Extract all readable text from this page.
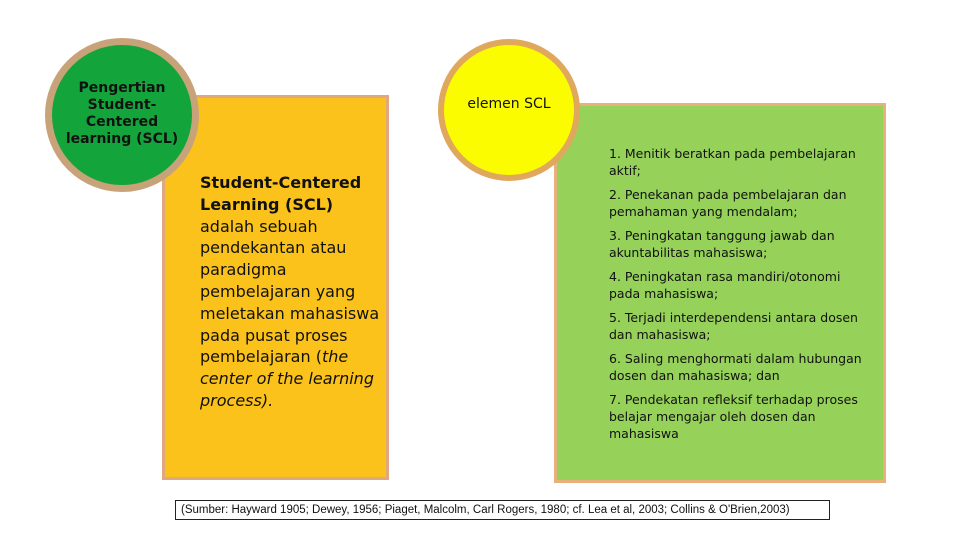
Pengertian Student-Centered learning (SCL)
elemen SCL

Student-Centered Learning (SCL) adalah sebuah pendekantan atau paradigma pembelajaran yang meletakan mahasiswa pada pusat proses pembelajaran (the center of the learning process).

1. Menitik beratkan pada pembelajaran aktif;
2. Penekanan pada pembelajaran dan pemahaman yang mendalam;
3. Peningkatan tanggung jawab dan akuntabilitas mahasiswa;
4. Peningkatan rasa mandiri/otonomi pada mahasiswa;
5. Terjadi interdependensi antara dosen dan mahasiswa;
6. Saling menghormati dalam hubungan dosen dan mahasiswa; dan
7. Pendekatan refleksif terhadap proses belajar mengajar oleh dosen dan mahasiswa
(Sumber: Hayward 1905; Dewey, 1956; Piaget, Malcolm, Carl Rogers, 1980; cf. Lea et al, 2003; Collins & O'Brien,2003)
